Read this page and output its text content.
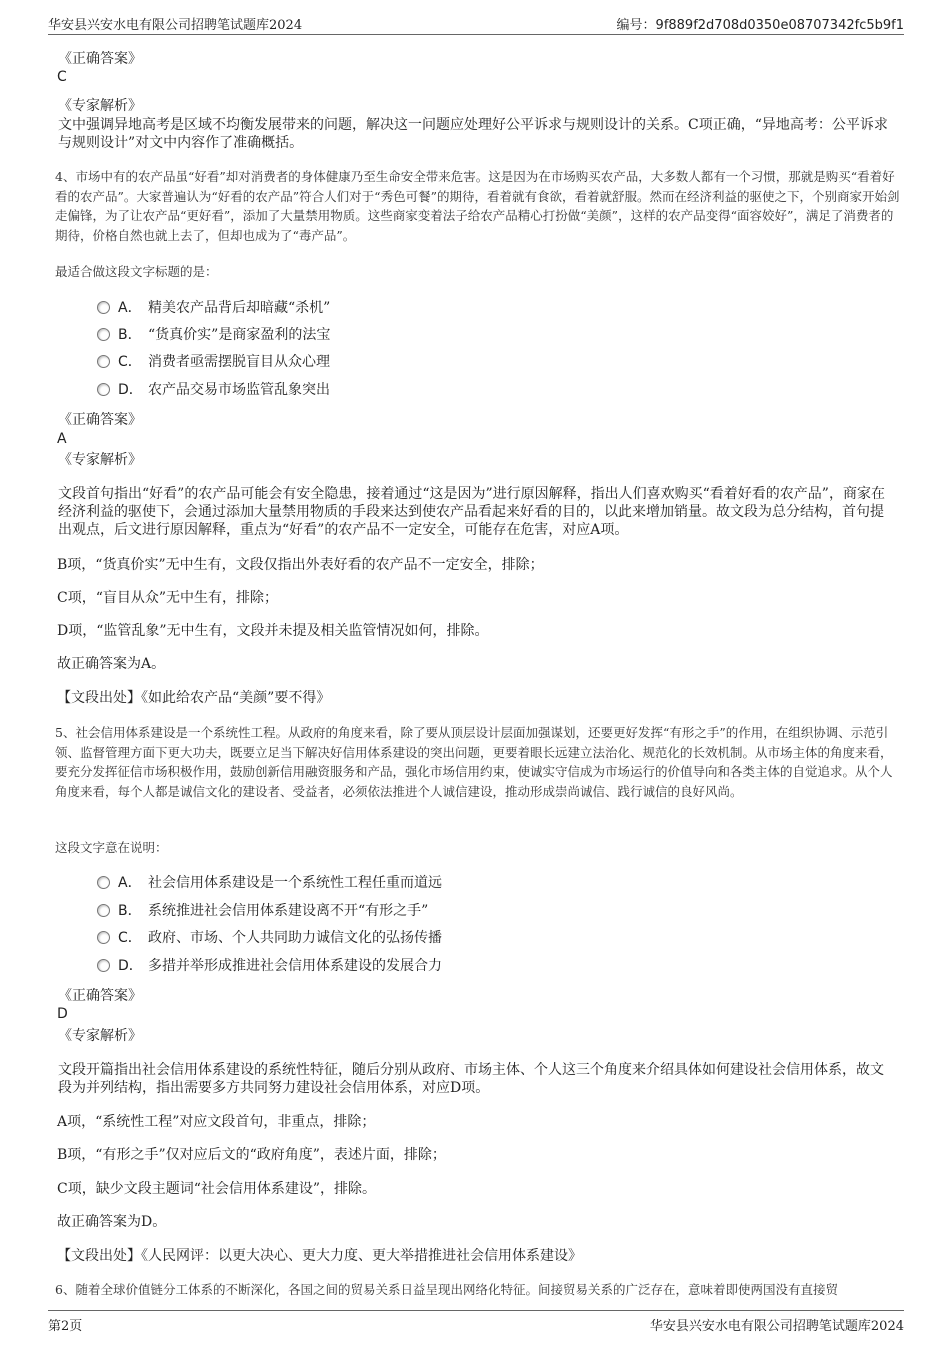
华安县兴安水电有限公司招聘笔试题库2024	编号：9f889f2d708d0350e08707342fc5b9f1
《正确答案》
C
《专家解析》
文中强调异地高考是区域不均衡发展带来的问题，解决这一问题应处理好公平诉求与规则设计的关系。C项正确，“异地高考：公平诉求与规则设计”对文中内容作了准确概括。
4、市场中有的农产品虽“好看”却对消费者的身体健康乃至生命安全带来危害。这是因为在市场购买农产品，大多数人都有一个习惯，那就是购买“看着好看的农产品”。大家普遍认为“好看的农产品”符合人们对于“秀色可餐”的期待，看着就有食欲，看着就舒服。然而在经济利益的驱使之下，个别商家开始剑走偏锋，为了让农产品“更好看”，添加了大量禁用物质。这些商家变着法子给农产品精心打扮做“美颜”，这样的农产品变得“面容姣好”，满足了消费者的期待，价格自然也就上去了，但却也成为了“毒产品”。
最适合做这段文字标题的是：
A． 精美农产品背后却暗藏“杀机”
B． “货真价实”是商家盈利的法宝
C． 消费者亟需摆脱盲目从众心理
D． 农产品交易市场监管乱象突出
《正确答案》
A
《专家解析》
文段首句指出“好看”的农产品可能会有安全隐患，接着通过“这是因为”进行原因解释，指出人们喜欢购买“看着好看的农产品”，商家在经济利益的驱使下，会通过添加大量禁用物质的手段来达到使农产品看起来好看的目的，以此来增加销量。故文段为总分结构，首句提出观点，后文进行原因解释，重点为“好看”的农产品不一定安全，可能存在危害，对应A项。
B项，“货真价实”无中生有，文段仅指出外表好看的农产品不一定安全，排除；
C项，“盲目从众”无中生有，排除；
D项，“监管乱象”无中生有，文段并未提及相关监管情况如何，排除。
故正确答案为A。
【文段出处】《如此给农产品“美颜”要不得》
5、社会信用体系建设是一个系统性工程。从政府的角度来看，除了要从顶层设计层面加强谋划，还要更好发挥“有形之手”的作用，在组织协调、示范引领、监督管理方面下更大功夫，既要立足当下解决好信用体系建设的突出问题，更要着眼长远建立法治化、规范化的长效机制。从市场主体的角度来看，要充分发挥征信市场积极作用，鼓励创新信用融资服务和产品，强化市场信用约束，使诚实守信成为市场运行的价值导向和各类主体的自觉追求。从个人角度来看，每个人都是诚信文化的建设者、受益者，必须依法推进个人诚信建设，推动形成崇尚诚信、践行诚信的良好风尚。
这段文字意在说明：
A． 社会信用体系建设是一个系统性工程任重而道远
B． 系统推进社会信用体系建设离不开“有形之手”
C． 政府、市场、个人共同助力诚信文化的弘扬传播
D． 多措并举形成推进社会信用体系建设的发展合力
《正确答案》
D
《专家解析》
文段开篇指出社会信用体系建设的系统性特征，随后分别从政府、市场主体、个人这三个角度来介绍具体如何建设社会信用体系，故文段为并列结构，指出需要多方共同努力建设社会信用体系，对应D项。
A项，“系统性工程”对应文段首句，非重点，排除；
B项，“有形之手”仅对应后文的“政府角度”，表述片面，排除；
C项，缺少文段主题词“社会信用体系建设”，排除。
故正确答案为D。
【文段出处】《人民网评：以更大决心、更大力度、更大举措推进社会信用体系建设》
6、随着全球价值链分工体系的不断深化，各国之间的贸易关系日益呈现出网络化特征。间接贸易关系的广泛存在，意味着即使两国没有直接贸
第2页	华安县兴安水电有限公司招聘笔试题库2024
